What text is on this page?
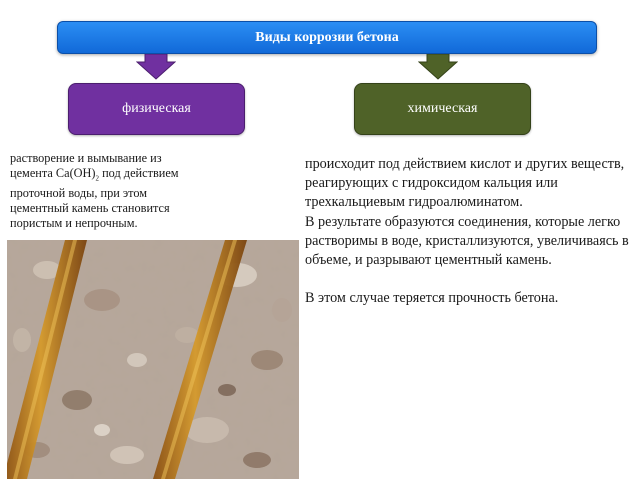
Виды коррозии бетона
физическая	химическая
растворение и вымывание из
цемента $Ca(OH)_2$ под действием
проточной воды, при этом
цементный камень становится
пористым и непрочным.

происходит под действием кислот и других веществ, реагирующих с гидроксидом кальция или трехкальциевым гидроалюминатом.

В результате образуются соединения, которые легко растворимы в воде, кристаллизуются, увеличиваясь в объеме, и разрывают цементный камень.

В этом случае теряется прочность бетона.
